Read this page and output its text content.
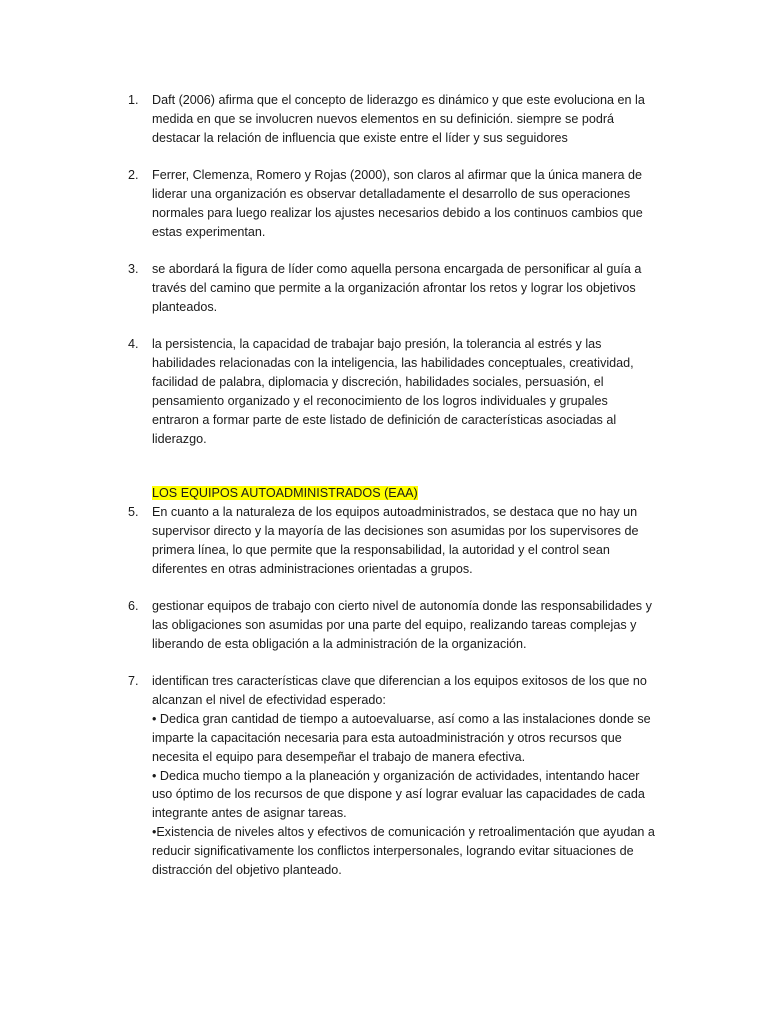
1.	Daft (2006) afirma que el concepto de liderazgo es dinámico y que este evoluciona en la
medida en que se involucren nuevos elementos en su definición. siempre se podrá
destacar la relación de influencia que existe entre el líder y sus seguidores
2.	Ferrer, Clemenza, Romero y Rojas (2000), son claros al afirmar que la única manera de
liderar una organización es observar detalladamente el desarrollo de sus operaciones
normales para luego realizar los ajustes necesarios debido a los continuos cambios que
estas experimentan.
3.	se abordará la figura de líder como aquella persona encargada de personificar al guía a
través del camino que permite a la organización afrontar los retos y lograr los objetivos
planteados.
4.	la persistencia, la capacidad de trabajar bajo presión, la tolerancia al estrés y las
habilidades relacionadas con la inteligencia, las habilidades conceptuales, creatividad,
facilidad de palabra, diplomacia y discreción, habilidades sociales, persuasión, el
pensamiento organizado y el reconocimiento de los logros individuales y grupales
entraron a formar parte de este listado de definición de características asociadas al
liderazgo.
LOS EQUIPOS AUTOADMINISTRADOS (EAA)
5.	En cuanto a la naturaleza de los equipos autoadministrados, se destaca que no hay un
supervisor directo y la mayoría de las decisiones son asumidas por los supervisores de
primera línea, lo que permite que la responsabilidad, la autoridad y el control sean
diferentes en otras administraciones orientadas a grupos.
6.	gestionar equipos de trabajo con cierto nivel de autonomía donde las responsabilidades y
las obligaciones son asumidas por una parte del equipo, realizando tareas complejas y
liberando de esta obligación a la administración de la organización.
7.	identifican tres características clave que diferencian a los equipos exitosos de los que no
alcanzan el nivel de efectividad esperado:
• Dedica gran cantidad de tiempo a autoevaluarse, así como a las instalaciones donde se
imparte la capacitación necesaria para esta autoadministración y otros recursos que
necesita el equipo para desempeñar el trabajo de manera efectiva.
• Dedica mucho tiempo a la planeación y organización de actividades, intentando hacer
uso óptimo de los recursos de que dispone y así lograr evaluar las capacidades de cada
integrante antes de asignar tareas.
•Existencia de niveles altos y efectivos de comunicación y retroalimentación que ayudan a
reducir significativamente los conflictos interpersonales, logrando evitar situaciones de
distracción del objetivo planteado.
